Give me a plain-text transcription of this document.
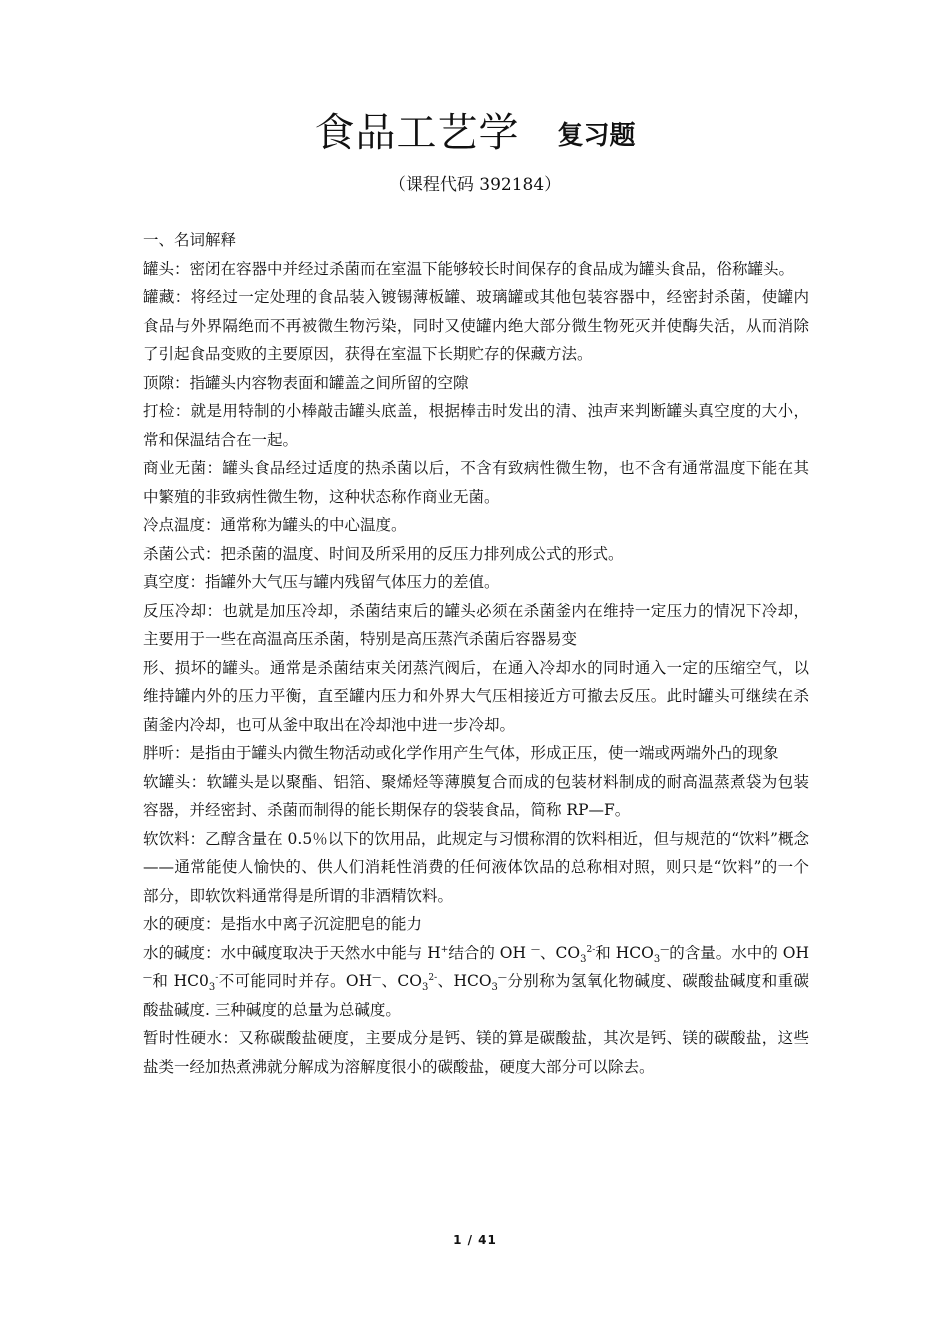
食品工艺学 复习题
（课程代码 392184）

一、名词解释

罐头：密闭在容器中并经过杀菌而在室温下能够较长时间保存的食品成为罐头食品，俗称罐头。

罐藏：将经过一定处理的食品装入镀锡薄板罐、玻璃罐或其他包装容器中，经密封杀菌，使罐内食品与外界隔绝而不再被微生物污染，同时又使罐内绝大部分微生物死灭并使酶失活，从而消除了引起食品变败的主要原因，获得在室温下长期贮存的保藏方法。

顶隙：指罐头内容物表面和罐盖之间所留的空隙

打检：就是用特制的小棒敲击罐头底盖，根据棒击时发出的清、浊声来判断罐头真空度的大小，常和保温结合在一起。

商业无菌：罐头食品经过适度的热杀菌以后，不含有致病性微生物，也不含有通常温度下能在其中繁殖的非致病性微生物，这种状态称作商业无菌。

冷点温度：通常称为罐头的中心温度。

杀菌公式：把杀菌的温度、时间及所采用的反压力排列成公式的形式。

真空度：指罐外大气压与罐内残留气体压力的差值。

反压冷却：也就是加压冷却，杀菌结束后的罐头必须在杀菌釜内在维持一定压力的情况下冷却，主要用于一些在高温高压杀菌，特别是高压蒸汽杀菌后容器易变

形、损坏的罐头。通常是杀菌结束关闭蒸汽阀后，在通入冷却水的同时通入一定的压缩空气，以维持罐内外的压力平衡，直至罐内压力和外界大气压相接近方可撤去反压。此时罐头可继续在杀菌釜内冷却，也可从釜中取出在冷却池中进一步冷却。

胖听：是指由于罐头内微生物活动或化学作用产生气体，形成正压，使一端或两端外凸的现象

软罐头：软罐头是以聚酯、铝箔、聚烯烃等薄膜复合而成的包装材料制成的耐高温蒸煮袋为包装容器，并经密封、杀菌而制得的能长期保存的袋装食品，简称 RP—F。

软饮料：乙醇含量在 0.5％以下的饮用品，此规定与习惯称渭的饮料相近，但与规范的“饮料”概念——通常能使人愉快的、供人们消耗性消费的任何液体饮品的总称相对照，则只是“饮料”的一个部分，即软饮料通常得是所谓的非酒精饮料。

水的硬度：是指水中离子沉淀肥皂的能力

水的碱度：水中碱度取决于天然水中能与 H+结合的 OH —、$CO_3^{2-}$和 $HCO_3^—$的含量。水中的 OH—和 $HC0_3^-$不可能同时并存。OH—、$CO_3^{2-}$、$HCO_3^—$分别称为氢氧化物碱度、碳酸盐碱度和重碳酸盐碱度. 三种碱度的总量为总碱度。

暂时性硬水：又称碳酸盐硬度，主要成分是钙、镁的算是碳酸盐，其次是钙、镁的碳酸盐，这些盐类一经加热煮沸就分解成为溶解度很小的碳酸盐，硬度大部分可以除去。

1 / 41
